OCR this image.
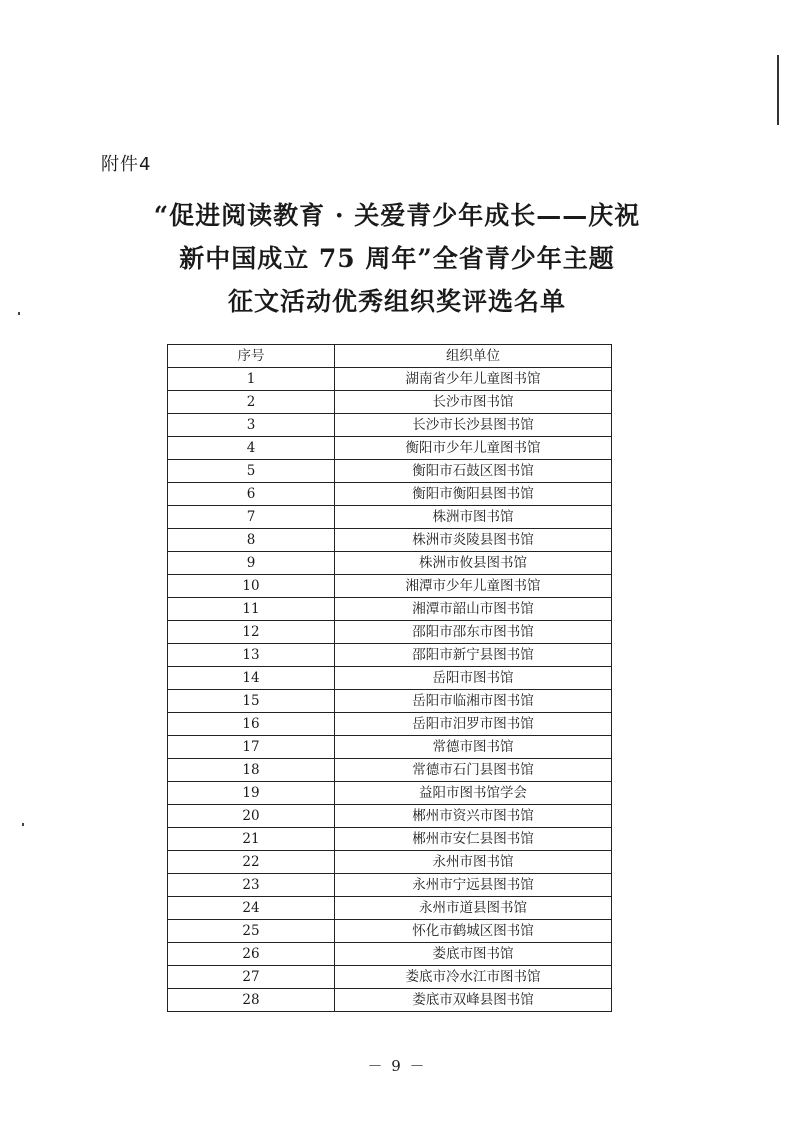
附件4
“促进阅读教育 · 关爱青少年成长——庆祝
新中国成立 75 周年”全省青少年主题
征文活动优秀组织奖评选名单
序号	组织单位
1	湖南省少年儿童图书馆
2	长沙市图书馆
3	长沙市长沙县图书馆
4	衡阳市少年儿童图书馆
5	衡阳市石鼓区图书馆
6	衡阳市衡阳县图书馆
7	株洲市图书馆
8	株洲市炎陵县图书馆
9	株洲市攸县图书馆
10	湘潭市少年儿童图书馆
11	湘潭市韶山市图书馆
12	邵阳市邵东市图书馆
13	邵阳市新宁县图书馆
14	岳阳市图书馆
15	岳阳市临湘市图书馆
16	岳阳市汨罗市图书馆
17	常德市图书馆
18	常德市石门县图书馆
19	益阳市图书馆学会
20	郴州市资兴市图书馆
21	郴州市安仁县图书馆
22	永州市图书馆
23	永州市宁远县图书馆
24	永州市道县图书馆
25	怀化市鹤城区图书馆
26	娄底市图书馆
27	娄底市冷水江市图书馆
28	娄底市双峰县图书馆
－ 9 －
